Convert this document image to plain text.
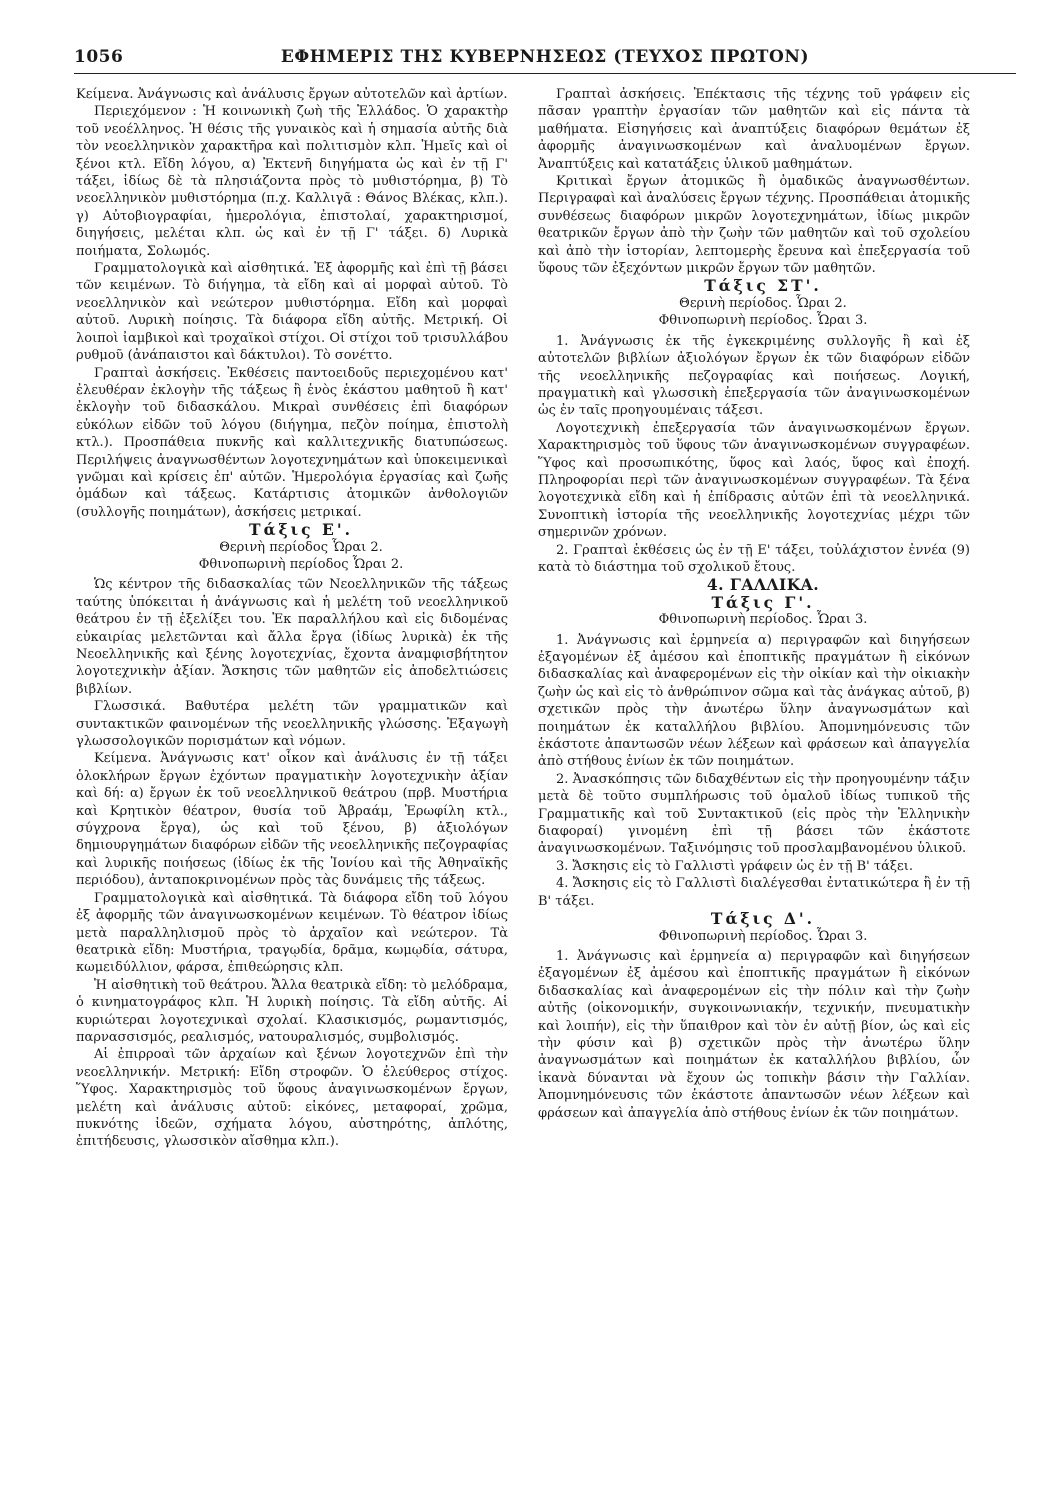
1056	ΕΦΗΜΕΡΙΣ ΤΗΣ ΚΥΒΕΡΝΗΣΕΩΣ (ΤΕΥΧΟΣ ΠΡΩΤΟΝ)

Κείμενα. Ἀνάγνωσις καὶ ἀνάλυσις ἔργων αὐτοτελῶν καὶ ἀρτίων.

Περιεχόμενον : Ἡ κοινωνικὴ ζωὴ τῆς Ἑλλάδος. Ὁ χαρακτὴρ τοῦ νεοέλληνος. Ἡ θέσις τῆς γυναικὸς καὶ ἡ σημασία αὐτῆς διὰ τὸν νεοελληνικὸν χαρακτῆρα καὶ πολιτισμὸν κλπ. Ἡμεῖς καὶ οἱ ξένοι κτλ. Εἴδη λόγου, α) Ἐκτενῆ διηγήματα ὡς καὶ ἐν τῇ Γ' τάξει, ἰδίως δὲ τὰ πλησιάζοντα πρὸς τὸ μυθιστόρημα, β) Τὸ νεοελληνικὸν μυθιστόρημα (π.χ. Καλλιγᾶ : Θάνος Βλέκας, κλπ.). γ) Αὐτοβιογραφίαι, ἡμερολόγια, ἐπιστολαί, χαρακτηρισμοί, διηγήσεις, μελέται κλπ. ὡς καὶ ἐν τῇ Γ' τάξει. δ) Λυρικὰ ποιήματα, Σολωμός.

Γραμματολογικὰ καὶ αἰσθητικά. Ἐξ ἀφορμῆς καὶ ἐπὶ τῇ βάσει τῶν κειμένων. Τὸ διήγημα, τὰ εἴδη καὶ αἱ μορφαὶ αὐτοῦ. Τὸ νεοελληνικὸν καὶ νεώτερον μυθιστόρημα. Εἴδη καὶ μορφαὶ αὐτοῦ. Λυρικὴ ποίησις. Τὰ διάφορα εἴδη αὐτῆς. Μετρική. Οἱ λοιποὶ ἰαμβικοὶ καὶ τροχαϊκοὶ στίχοι. Οἱ στίχοι τοῦ τρισυλλάβου ρυθμοῦ (ἀνάπαιστοι καὶ δάκτυλοι). Τὸ σονέττο.

Γραπταὶ ἀσκήσεις. Ἐκθέσεις παντοειδοῦς περιεχομένου κατ' ἐλευθέραν ἐκλογὴν τῆς τάξεως ἢ ἑνὸς ἑκάστου μαθητοῦ ἢ κατ' ἐκλογὴν τοῦ διδασκάλου. Μικραὶ συνθέσεις ἐπὶ διαφόρων εὐκόλων εἰδῶν τοῦ λόγου (διήγημα, πεζὸν ποίημα, ἐπιστολὴ κτλ.). Προσπάθεια πυκνῆς καὶ καλλιτεχνικῆς διατυπώσεως. Περιλήψεις ἀναγνωσθέντων λογοτεχνημάτων καὶ ὑποκειμενικαὶ γνῶμαι καὶ κρίσεις ἐπ' αὐτῶν. Ἡμερολόγια ἐργασίας καὶ ζωῆς ὁμάδων καὶ τάξεως. Κατάρτισις ἀτομικῶν ἀνθολογιῶν (συλλογῆς ποιημάτων), ἀσκήσεις μετρικαί.

Τάξις Ε'.

Θερινὴ περίοδος Ὧραι 2.

Φθινοπωρινὴ περίοδος Ὧραι 2.

Ὡς κέντρον τῆς διδασκαλίας τῶν Νεοελληνικῶν τῆς τάξεως ταύτης ὑπόκειται ἡ ἀνάγνωσις καὶ ἡ μελέτη τοῦ νεοελληνικοῦ θεάτρου ἐν τῇ ἐξελίξει του. Ἐκ παραλλήλου καὶ εἰς διδομένας εὐκαιρίας μελετῶνται καὶ ἄλλα ἔργα (ἰδίως λυρικὰ) ἐκ τῆς Νεοελληνικῆς καὶ ξένης λογοτεχνίας, ἔχοντα ἀναμφισβήτητον λογοτεχνικὴν ἀξίαν. Ἄσκησις τῶν μαθητῶν εἰς ἀποδελτιώσεις βιβλίων.

Γλωσσικά. Βαθυτέρα μελέτη τῶν γραμματικῶν καὶ συντακτικῶν φαινομένων τῆς νεοελληνικῆς γλώσσης. Ἐξαγωγὴ γλωσσολογικῶν πορισμάτων καὶ νόμων.

Κείμενα. Ἀνάγνωσις κατ' οἶκον καὶ ἀνάλυσις ἐν τῇ τάξει ὁλοκλήρων ἔργων ἐχόντων πραγματικὴν λογοτεχνικὴν ἀξίαν καὶ δή: α) ἔργων ἐκ τοῦ νεοελληνικοῦ θεάτρου (πρβ. Μυστήρια καὶ Κρητικὸν θέατρον, θυσία τοῦ Ἀβραάμ, Ἐρωφίλη κτλ., σύγχρονα ἔργα), ὡς καὶ τοῦ ξένου, β) ἀξιολόγων δημιουργημάτων διαφόρων εἰδῶν τῆς νεοελληνικῆς πεζογραφίας καὶ λυρικῆς ποιήσεως (ἰδίως ἐκ τῆς Ἰονίου καὶ τῆς Ἀθηναϊκῆς περιόδου), ἀνταποκρινομένων πρὸς τὰς δυνάμεις τῆς τάξεως.

Γραμματολογικὰ καὶ αἰσθητικά. Τὰ διάφορα εἴδη τοῦ λόγου ἐξ ἀφορμῆς τῶν ἀναγινωσκομένων κειμένων. Τὸ θέατρον ἰδίως μετὰ παραλληλισμοῦ πρὸς τὸ ἀρχαῖον καὶ νεώτερον. Τὰ θεατρικὰ εἴδη: Μυστήρια, τραγῳδία, δρᾶμα, κωμῳδία, σάτυρα, κωμειδύλλιον, φάρσα, ἐπιθεώρησις κλπ.

Ἡ αἰσθητικὴ τοῦ θεάτρου. Ἄλλα θεατρικὰ εἴδη: τὸ μελόδραμα, ὁ κινηματογράφος κλπ. Ἡ λυρικὴ ποίησις. Τὰ εἴδη αὐτῆς. Αἱ κυριώτεραι λογοτεχνικαὶ σχολαί. Κλασικισμός, ρωμαντισμός, παρνασσισμός, ρεαλισμός, νατουραλισμός, συμβολισμός.

Αἱ ἐπιρροαὶ τῶν ἀρχαίων καὶ ξένων λογοτεχνῶν ἐπὶ τὴν νεοελληνικήν. Μετρική: Εἴδη στροφῶν. Ὁ ἐλεύθερος στίχος. Ὕφος. Χαρακτηρισμὸς τοῦ ὕφους ἀναγινωσκομένων ἔργων, μελέτη καὶ ἀνάλυσις αὐτοῦ: εἰκόνες, μεταφοραί, χρῶμα, πυκνότης ἰδεῶν, σχήματα λόγου, αὐστηρότης, ἁπλότης, ἐπιτήδευσις, γλωσσικὸν αἴσθημα κλπ.).

Γραπταὶ ἀσκήσεις. Ἐπέκτασις τῆς τέχνης τοῦ γράφειν εἰς πᾶσαν γραπτὴν ἐργασίαν τῶν μαθητῶν καὶ εἰς πάντα τὰ μαθήματα. Εἰσηγήσεις καὶ ἀναπτύξεις διαφόρων θεμάτων ἐξ ἀφορμῆς ἀναγινωσκομένων καὶ ἀναλυομένων ἔργων. Ἀναπτύξεις καὶ κατατάξεις ὑλικοῦ μαθημάτων.

Κριτικαὶ ἔργων ἀτομικῶς ἢ ὁμαδικῶς ἀναγνωσθέντων. Περιγραφαὶ καὶ ἀναλύσεις ἔργων τέχνης. Προσπάθειαι ἀτομικῆς συνθέσεως διαφόρων μικρῶν λογοτεχνημάτων, ἰδίως μικρῶν θεατρικῶν ἔργων ἀπὸ τὴν ζωὴν τῶν μαθητῶν καὶ τοῦ σχολείου καὶ ἀπὸ τὴν ἱστορίαν, λεπτομερὴς ἔρευνα καὶ ἐπεξεργασία τοῦ ὕφους τῶν ἐξεχόντων μικρῶν ἔργων τῶν μαθητῶν.

Τάξις ΣΤ'.

Θερινὴ περίοδος. Ὧραι 2.

Φθινοπωρινὴ περίοδος. Ὧραι 3.

1. Ἀνάγνωσις ἐκ τῆς ἐγκεκριμένης συλλογῆς ἢ καὶ ἐξ αὐτοτελῶν βιβλίων ἀξιολόγων ἔργων ἐκ τῶν διαφόρων εἰδῶν τῆς νεοελληνικῆς πεζογραφίας καὶ ποιήσεως. Λογική, πραγματικὴ καὶ γλωσσικὴ ἐπεξεργασία τῶν ἀναγινωσκομένων ὡς ἐν ταῖς προηγουμέναις τάξεσι.

Λογοτεχνικὴ ἐπεξεργασία τῶν ἀναγινωσκομένων ἔργων. Χαρακτηρισμὸς τοῦ ὕφους τῶν ἀναγινωσκομένων συγγραφέων. Ὕφος καὶ προσωπικότης, ὕφος καὶ λαός, ὕφος καὶ ἐποχή. Πληροφορίαι περὶ τῶν ἀναγινωσκομένων συγγραφέων. Τὰ ξένα λογοτεχνικὰ εἴδη καὶ ἡ ἐπίδρασις αὐτῶν ἐπὶ τὰ νεοελληνικά. Συνοπτικὴ ἱστορία τῆς νεοελληνικῆς λογοτεχνίας μέχρι τῶν σημερινῶν χρόνων.

2. Γραπταὶ ἐκθέσεις ὡς ἐν τῇ Ε' τάξει, τοὐλάχιστον ἐννέα (9) κατὰ τὸ διάστημα τοῦ σχολικοῦ ἔτους.

4. ΓΑΛΛΙΚΑ.

Τάξις Γ'.

Φθινοπωρινὴ περίοδος. Ὧραι 3.

1. Ἀνάγνωσις καὶ ἑρμηνεία α) περιγραφῶν καὶ διηγήσεων ἐξαγομένων ἐξ ἀμέσου καὶ ἐποπτικῆς πραγμάτων ἢ εἰκόνων διδασκαλίας καὶ ἀναφερομένων εἰς τὴν οἰκίαν καὶ τὴν οἰκιακὴν ζωὴν ὡς καὶ εἰς τὸ ἀνθρώπινον σῶμα καὶ τὰς ἀνάγκας αὐτοῦ, β) σχετικῶν πρὸς τὴν ἀνωτέρω ὕλην ἀναγνωσμάτων καὶ ποιημάτων ἐκ καταλλήλου βιβλίου. Ἀπομνημόνευσις τῶν ἑκάστοτε ἀπαντωσῶν νέων λέξεων καὶ φράσεων καὶ ἀπαγγελία ἀπὸ στήθους ἐνίων ἐκ τῶν ποιημάτων.

2. Ἀνασκόπησις τῶν διδαχθέντων εἰς τὴν προηγουμένην τάξιν μετὰ δὲ τοῦτο συμπλήρωσις τοῦ ὁμαλοῦ ἰδίως τυπικοῦ τῆς Γραμματικῆς καὶ τοῦ Συντακτικοῦ (εἰς πρὸς τὴν Ἑλληνικὴν διαφοραί) γινομένη ἐπὶ τῇ βάσει τῶν ἑκάστοτε ἀναγινωσκομένων. Ταξινόμησις τοῦ προσλαμβανομένου ὑλικοῦ.

3. Ἄσκησις εἰς τὸ Γαλλιστὶ γράφειν ὡς ἐν τῇ Β' τάξει.

4. Ἄσκησις εἰς τὸ Γαλλιστὶ διαλέγεσθαι ἐντατικώτερα ἢ ἐν τῇ Β' τάξει.

Τάξις Δ'.

Φθινοπωρινὴ περίοδος. Ὧραι 3.

1. Ἀνάγνωσις καὶ ἑρμηνεία α) περιγραφῶν καὶ διηγήσεων ἐξαγομένων ἐξ ἀμέσου καὶ ἐποπτικῆς πραγμάτων ἢ εἰκόνων διδασκαλίας καὶ ἀναφερομένων εἰς τὴν πόλιν καὶ τὴν ζωὴν αὐτῆς (οἰκονομικήν, συγκοινωνιακήν, τεχνικήν, πνευματικὴν καὶ λοιπήν), εἰς τὴν ὕπαιθρον καὶ τὸν ἐν αὐτῇ βίον, ὡς καὶ εἰς τὴν φύσιν καὶ β) σχετικῶν πρὸς τὴν ἀνωτέρω ὕλην ἀναγνωσμάτων καὶ ποιημάτων ἐκ καταλλήλου βιβλίου, ὧν ἱκανὰ δύνανται νὰ ἔχουν ὡς τοπικὴν βάσιν τὴν Γαλλίαν. Ἀπομνημόνευσις τῶν ἑκάστοτε ἀπαντωσῶν νέων λέξεων καὶ φράσεων καὶ ἀπαγγελία ἀπὸ στήθους ἐνίων ἐκ τῶν ποιημάτων.
